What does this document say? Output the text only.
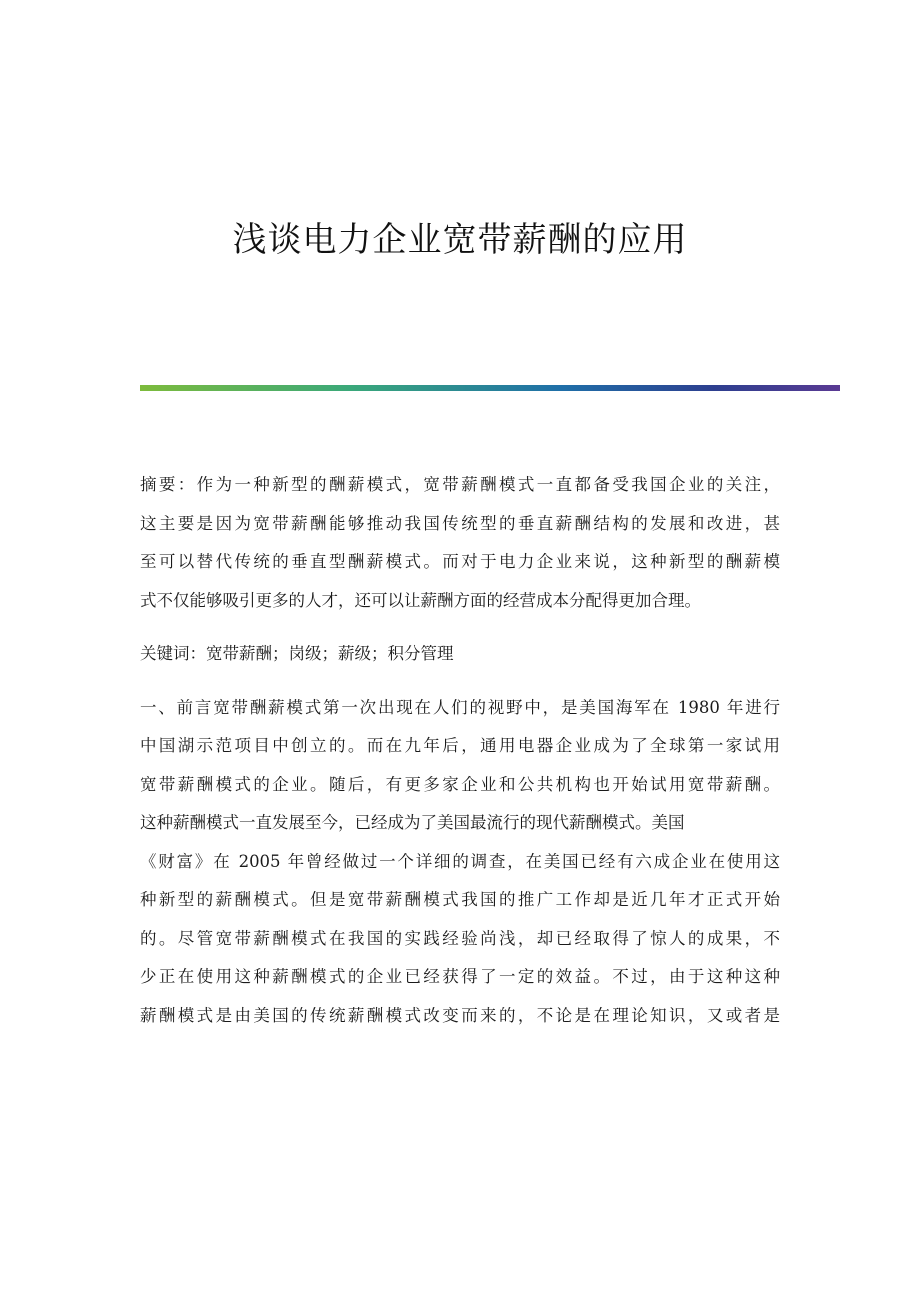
浅谈电力企业宽带薪酬的应用

摘要：作为一种新型的酬薪模式，宽带薪酬模式一直都备受我国企业的关注，
这主要是因为宽带薪酬能够推动我国传统型的垂直薪酬结构的发展和改进，甚
至可以替代传统的垂直型酬薪模式。而对于电力企业来说，这种新型的酬薪模
式不仅能够吸引更多的人才，还可以让薪酬方面的经营成本分配得更加合理。

关键词：宽带薪酬；岗级；薪级；积分管理

一、前言宽带酬薪模式第一次出现在人们的视野中，是美国海军在 1980 年进行
中国湖示范项目中创立的。而在九年后，通用电器企业成为了全球第一家试用
宽带薪酬模式的企业。随后，有更多家企业和公共机构也开始试用宽带薪酬。
这种薪酬模式一直发展至今，已经成为了美国最流行的现代薪酬模式。美国
《财富》在 2005 年曾经做过一个详细的调查，在美国已经有六成企业在使用这
种新型的薪酬模式。但是宽带薪酬模式我国的推广工作却是近几年才正式开始
的。尽管宽带薪酬模式在我国的实践经验尚浅，却已经取得了惊人的成果，不
少正在使用这种薪酬模式的企业已经获得了一定的效益。不过，由于这种这种
薪酬模式是由美国的传统薪酬模式改变而来的，不论是在理论知识，又或者是
